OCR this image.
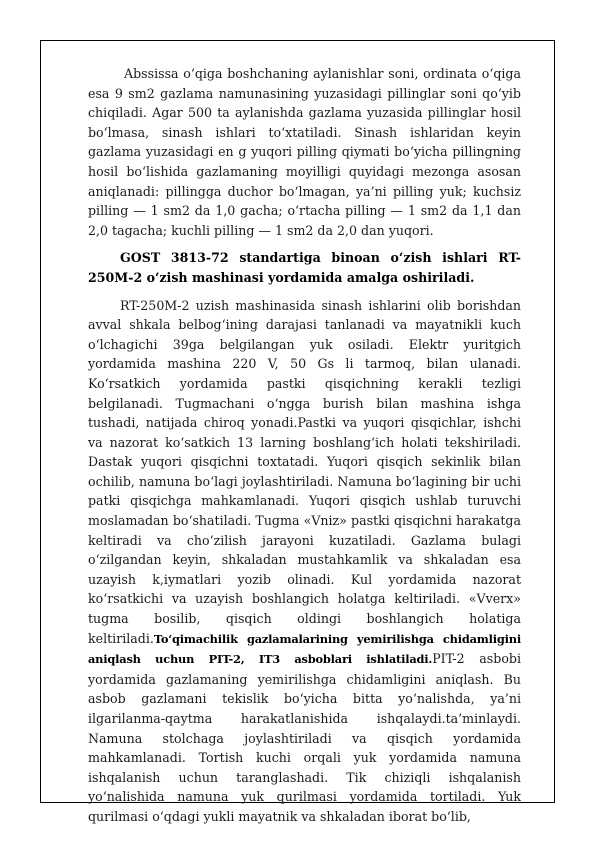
Abssissa o‘qiga boshchaning aylanishlar soni, ordinata o‘qiga esa 9 sm2 gazlama namunasining yuzasidagi pillinglar soni qo‘yib chiqiladi. Agar 500 ta aylanishda gazlama yuzasida pillinglar hosil bo‘lmasa, sinash ishlari to‘xtatiladi. Sinash ishlaridan keyin gazlama yuzasidagi en g yuqori pilling qiymati bo‘yicha pillingning hosil bo‘lishida gazlamaning moyilligi quyidagi mezonga asosan aniqlanadi: pillingga duchor bo‘lmagan, ya’ni pilling yuk; kuchsiz pilling — 1 sm2 da 1,0 gacha; o‘rtacha pilling — 1 sm2 da 1,1 dan 2,0 tagacha; kuchli pilling — 1 sm2 da 2,0 dan yuqori.

GOST 3813-72 standartiga binoan o‘zish ishlari RT- 250M-2 o‘zish mashinasi yordamida amalga oshiriladi.

RT-250M-2 uzish mashinasida sinash ishlarini olib borishdan avval shkala belbog‘ining darajasi tanlanadi va mayatnikli kuch o‘lchagichi 39ga belgilangan yuk osiladi. Elektr yuritgich yordamida mashina 220 V, 50 Gs li tarmoq, bilan ulanadi. Ko‘rsatkich yordamida pastki qisqichning kerakli tezligi belgilanadi. Tugmachani o‘ngga burish bilan mashina ishga tushadi, natijada chiroq yonadi.Pastki va yuqori qisqichlar, ishchi va nazorat ko‘satkich 13 larning boshlang‘ich holati tekshiriladi. Dastak yuqori qisqichni toxtatadi. Yuqori qisqich sekinlik bilan ochilib, namuna bo‘lagi joylashtiriladi. Namuna bo‘lagining bir uchi patki qisqichga mahkamlanadi. Yuqori qisqich ushlab turuvchi moslamadan bo‘shatiladi. Tugma «Vniz» pastki qisqichni harakatga keltiradi va cho‘zilish jarayoni kuzatiladi. Gazlama bulagi o‘zilgandan keyin, shkaladan mustahkamlik va shkaladan esa uzayish k,iymatlari yozib olinadi. Kul yordamida nazorat ko‘rsatkichi va uzayish boshlangich holatga keltiriladi. «Vverx» tugma bosilib, qisqich oldingi boshlangich holatiga keltiriladi.To‘qimachilik gazlamalarining yemirilishga chidamligini aniqlash uchun PIT-2, IT3 asboblari ishlatiladi.PIT-2 asbobi yordamida gazlamaning yemirilishga chidamligini aniqlash. Bu asbob gazlamani tekislik bo‘yicha bitta yo‘nalishda, ya’ni ilgarilanma-qaytma harakatlanishida ishqalaydi.ta’minlaydi. Namuna stolchaga joylashtiriladi va qisqich yordamida mahkamlanadi. Tortish kuchi orqali yuk yordamida namuna ishqalanish uchun taranglashadi. Tik chiziqli ishqalanish yo‘nalishida namuna yuk qurilmasi yordamida tortiladi. Yuk qurilmasi o‘qdagi yukli mayatnik va shkaladan iborat bo‘lib,
